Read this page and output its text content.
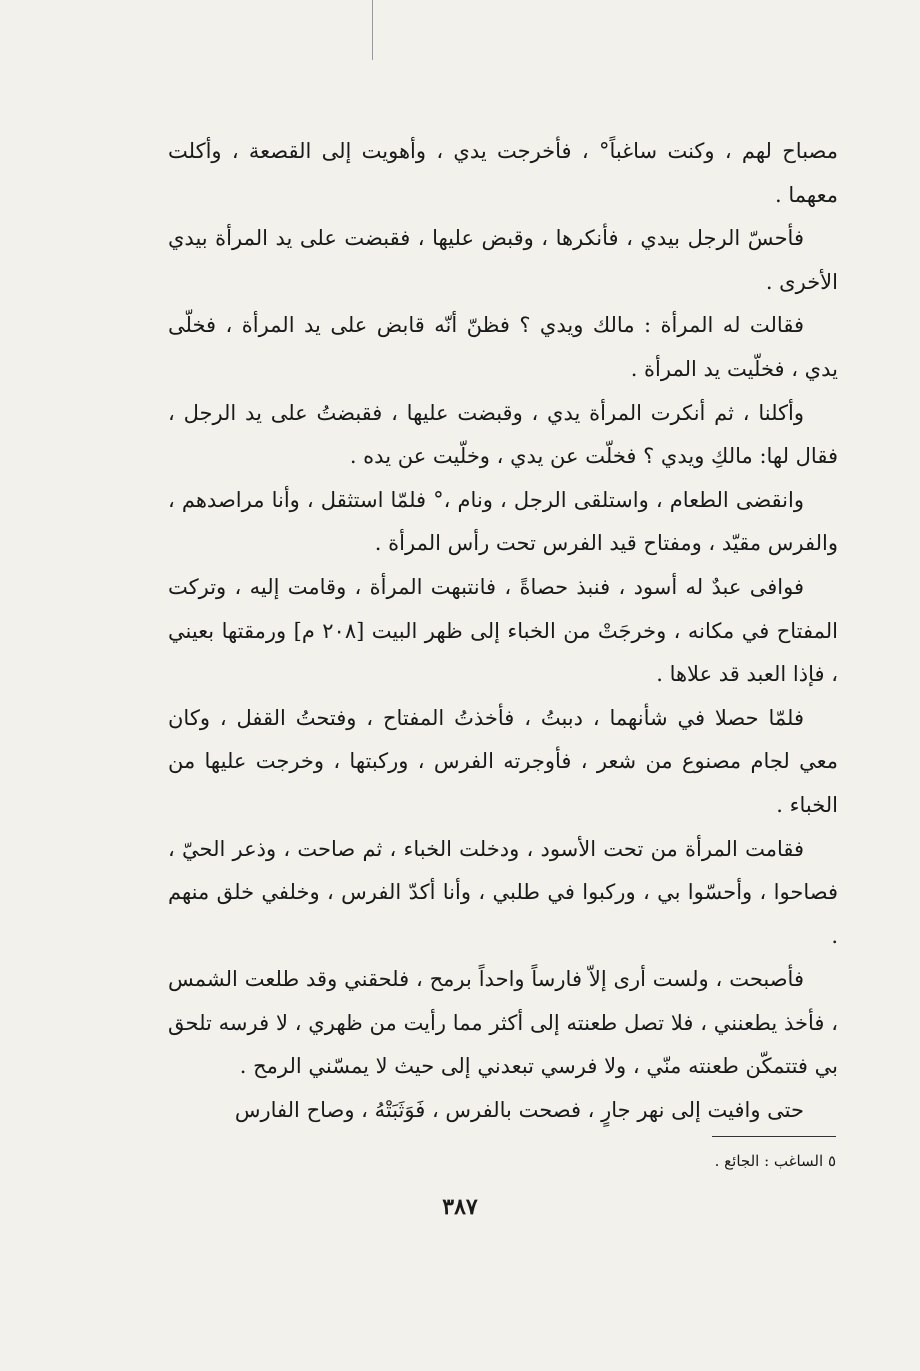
مصباح لهم ، وكنت ساغباً° ، فأخرجت يدي ، وأهويت إلى القصعة ، وأكلت معهما .

فأحسّ الرجل بيدي ، فأنكرها ، وقبض عليها ، فقبضت على يد المرأة بيدي الأخرى .

فقالت له المرأة : مالك ويدي ؟ فظنّ أنّه قابض على يد المرأة ، فخلّى يدي ، فخلّيت يد المرأة .

وأكلنا ، ثم أنكرت المرأة يدي ، وقبضت عليها ، فقبضتُ على يد الرجل ، فقال لها: مالكِ ويدي ؟ فخلّت عن يدي ، وخلّيت عن يده .

وانقضى الطعام ، واستلقى الرجل ، ونام ،° فلمّا استثقل ، وأنا مراصدهم ، والفرس مقيّد ، ومفتاح قيد الفرس تحت رأس المرأة .

فوافى عبدٌ له أسود ، فنبذ حصاةً ، فانتبهت المرأة ، وقامت إليه ، وتركت المفتاح في مكانه ، وخرجَتْ من الخباء إلى ظهر البيت [٢٠٨ م] ورمقتها بعيني ، فإذا العبد قد علاها .

فلمّا حصلا في شأنهما ، دببتُ ، فأخذتُ المفتاح ، وفتحتُ القفل ، وكان معي لجام مصنوع من شعر ، فأوجرته الفرس ، وركبتها ، وخرجت عليها من الخباء .

فقامت المرأة من تحت الأسود ، ودخلت الخباء ، ثم صاحت ، وذعر الحيّ ، فصاحوا ، وأحسّوا بي ، وركبوا في طلبي ، وأنا أكدّ الفرس ، وخلفي خلق منهم .

فأصبحت ، ولست أرى إلاّ فارساً واحداً برمح ، فلحقني وقد طلعت الشمس ، فأخذ يطعنني ، فلا تصل طعنته إلى أكثر مما رأيت من ظهري ، لا فرسه تلحق بي فتتمكّن طعنته منّي ، ولا فرسي تبعدني إلى حيث لا يمسّني الرمح .

حتى وافيت إلى نهر جارٍ ، فصحت بالفرس ، فَوَثَبَتْهُ ، وصاح الفارس

٥ الساغب : الجائع .
٣٨٧
